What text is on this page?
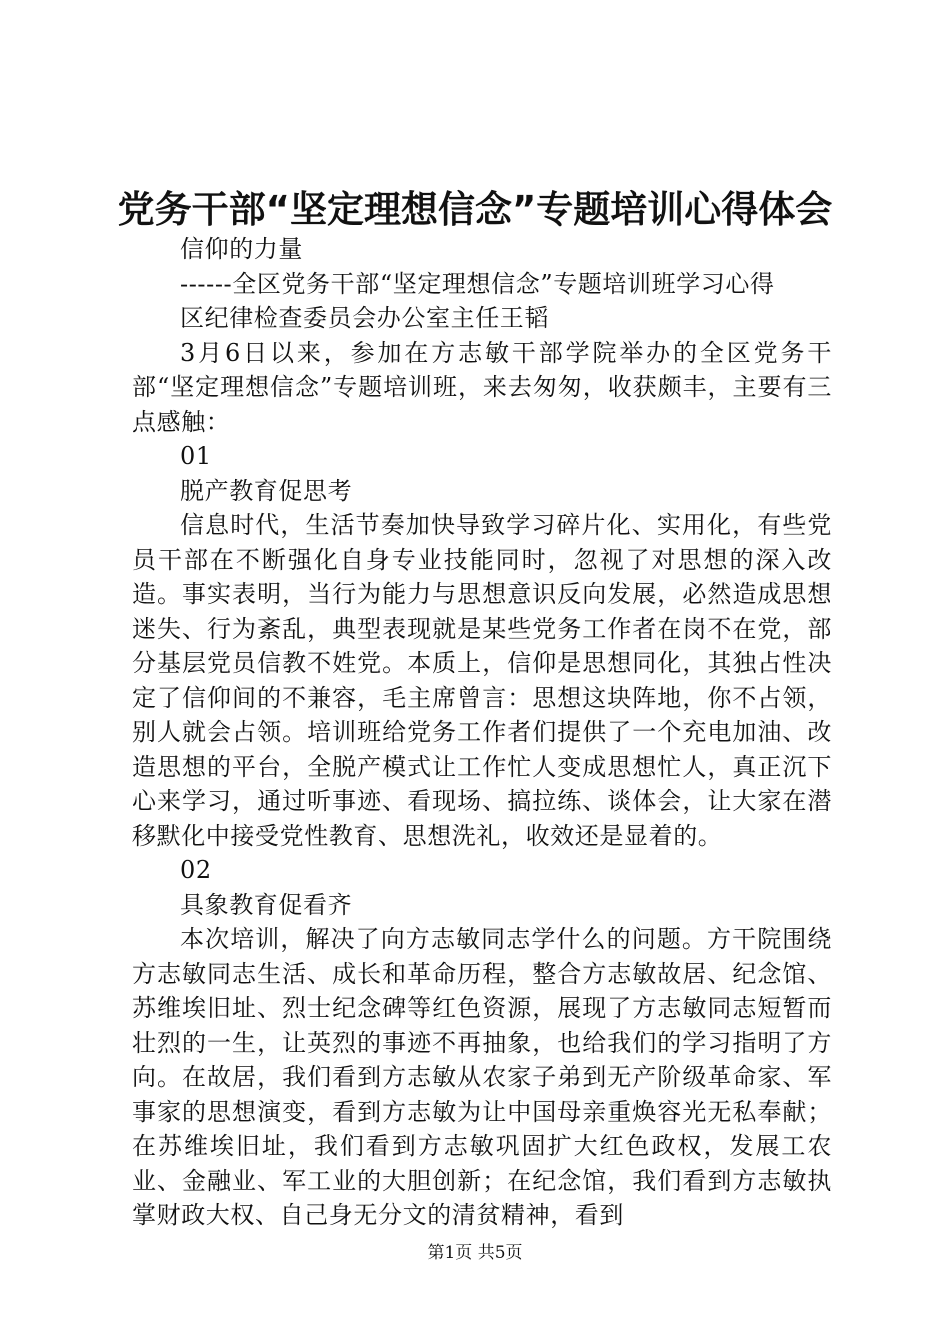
党务干部“坚定理想信念”专题培训心得体会

信仰的力量

------全区党务干部“坚定理想信念”专题培训班学习心得

区纪律检查委员会办公室主任王韬

3月6日以来，参加在方志敏干部学院举办的全区党务干部“坚定理想信念”专题培训班，来去匆匆，收获颇丰，主要有三点感触：

01

脱产教育促思考

信息时代，生活节奏加快导致学习碎片化、实用化，有些党员干部在不断强化自身专业技能同时，忽视了对思想的深入改造。事实表明，当行为能力与思想意识反向发展，必然造成思想迷失、行为紊乱，典型表现就是某些党务工作者在岗不在党，部分基层党员信教不姓党。本质上，信仰是思想同化，其独占性决定了信仰间的不兼容，毛主席曾言：思想这块阵地，你不占领，别人就会占领。培训班给党务工作者们提供了一个充电加油、改造思想的平台，全脱产模式让工作忙人变成思想忙人，真正沉下心来学习，通过听事迹、看现场、搞拉练、谈体会，让大家在潜移默化中接受党性教育、思想洗礼，收效还是显着的。

02

具象教育促看齐

本次培训，解决了向方志敏同志学什么的问题。方干院围绕方志敏同志生活、成长和革命历程，整合方志敏故居、纪念馆、苏维埃旧址、烈士纪念碑等红色资源，展现了方志敏同志短暂而壮烈的一生，让英烈的事迹不再抽象，也给我们的学习指明了方向。在故居，我们看到方志敏从农家子弟到无产阶级革命家、军事家的思想演变，看到方志敏为让中国母亲重焕容光无私奉献；在苏维埃旧址，我们看到方志敏巩固扩大红色政权，发展工农业、金融业、军工业的大胆创新；在纪念馆，我们看到方志敏执掌财政大权、自己身无分文的清贫精神，看到

第1页 共5页
